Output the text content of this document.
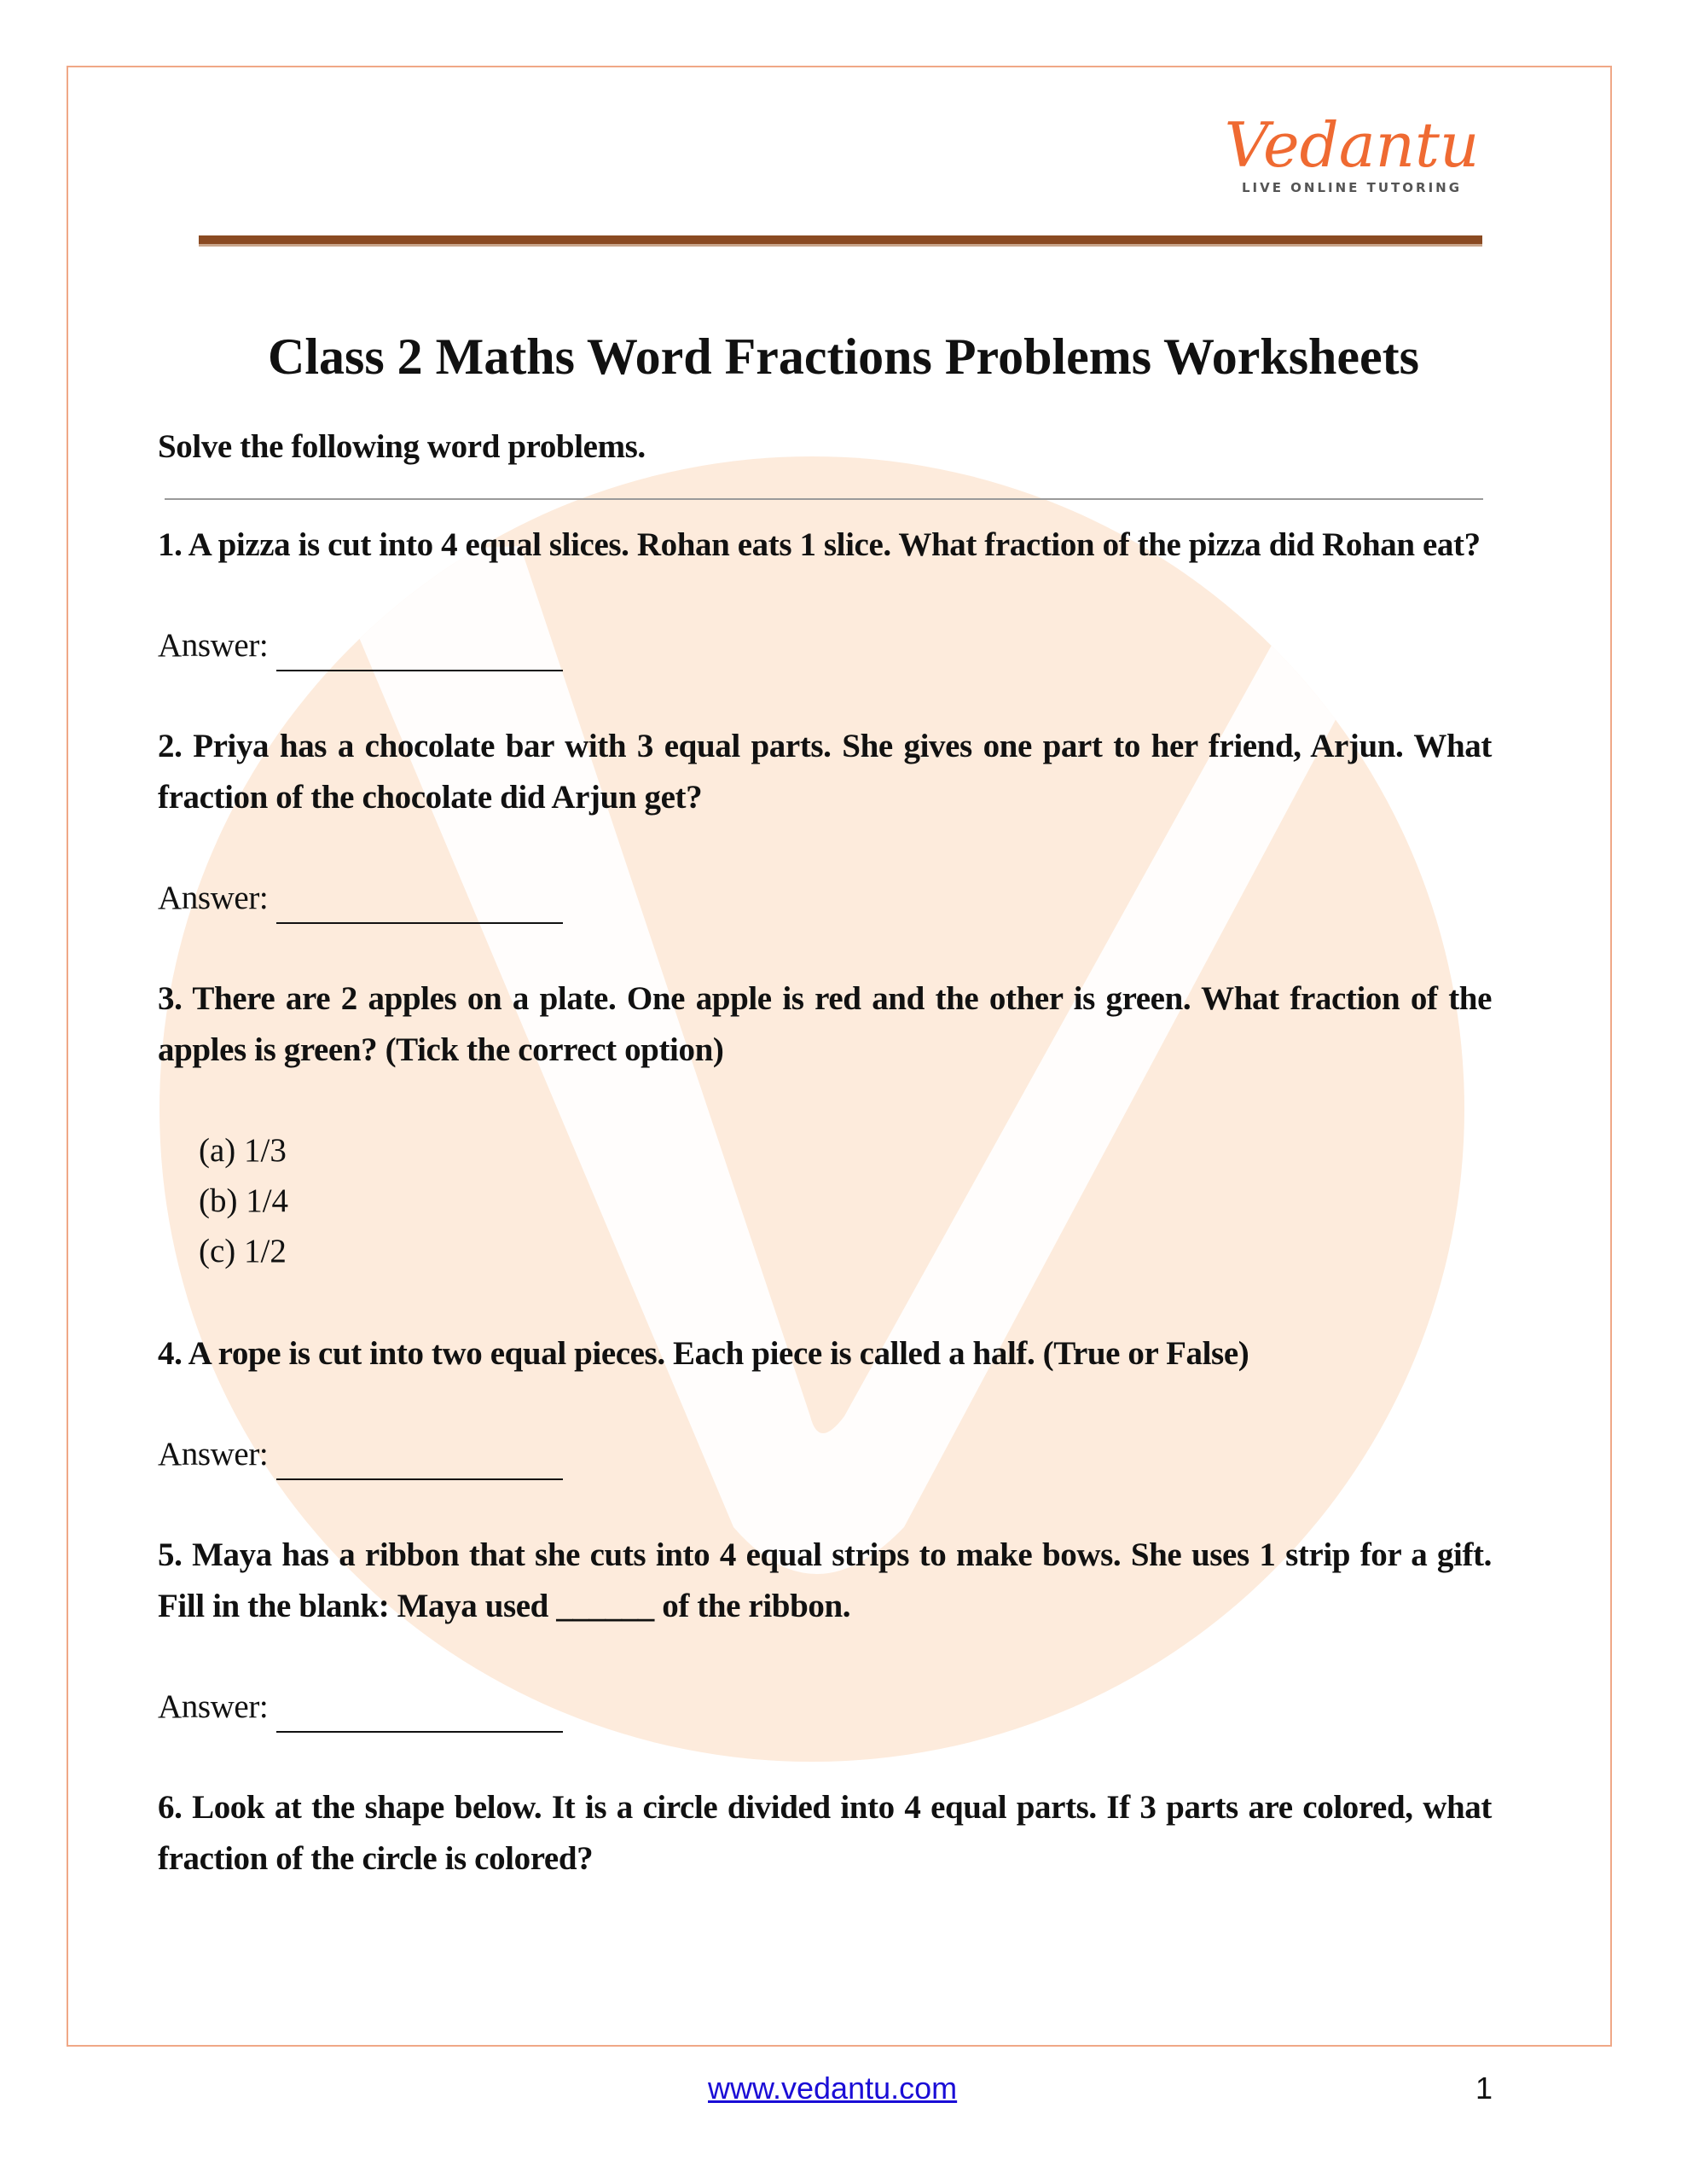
Vedantu
LIVE ONLINE TUTORING
Class 2 Maths Word Fractions Problems Worksheets
Solve the following word problems.
1. A pizza is cut into 4 equal slices. Rohan eats 1 slice. What fraction of the pizza did Rohan eat?
Answer:
2. Priya has a chocolate bar with 3 equal parts. She gives one part to her friend, Arjun. What fraction of the chocolate did Arjun get?
Answer:
3. There are 2 apples on a plate. One apple is red and the other is green. What fraction of the apples is green? (Tick the correct option)
(a) 1/3
(b) 1/4
(c) 1/2
4. A rope is cut into two equal pieces. Each piece is called a half. (True or False)
Answer:
5. Maya has a ribbon that she cuts into 4 equal strips to make bows. She uses 1 strip for a gift. Fill in the blank: Maya used ______ of the ribbon.
Answer:
6. Look at the shape below. It is a circle divided into 4 equal parts. If 3 parts are colored, what fraction of the circle is colored?
www.vedantu.com	1
